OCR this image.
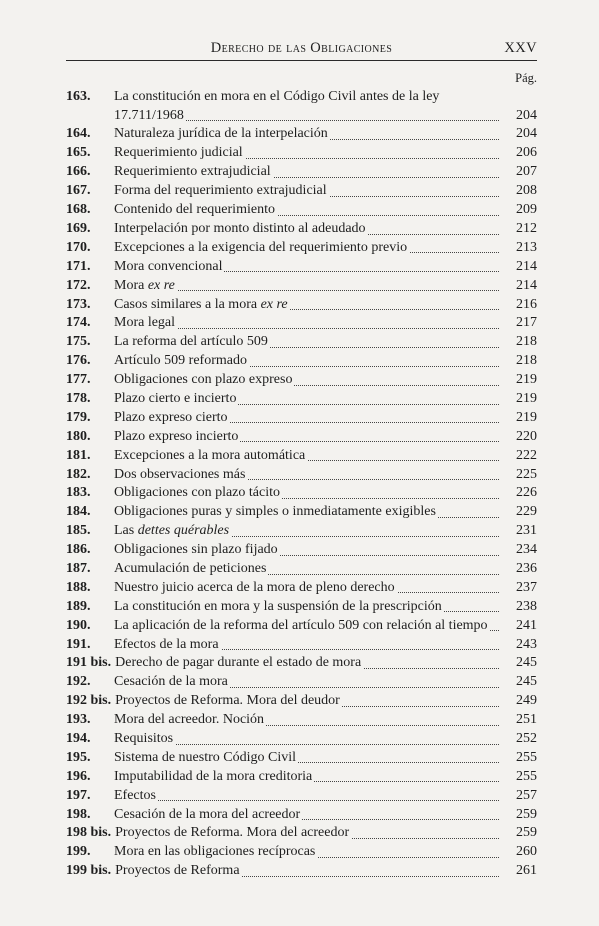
Derecho de las Obligaciones	XXV
Pág.
163. La constitución en mora en el Código Civil antes de la ley 17.711/1968	204
164. Naturaleza jurídica de la interpelación	204
165. Requerimiento judicial	206
166. Requerimiento extrajudicial	207
167. Forma del requerimiento extrajudicial	208
168. Contenido del requerimiento	209
169. Interpelación por monto distinto al adeudado	212
170. Excepciones a la exigencia del requerimiento previo	213
171. Mora convencional	214
172. Mora ex re	214
173. Casos similares a la mora ex re	216
174. Mora legal	217
175. La reforma del artículo 509	218
176. Artículo 509 reformado	218
177. Obligaciones con plazo expreso	219
178. Plazo cierto e incierto	219
179. Plazo expreso cierto	219
180. Plazo expreso incierto	220
181. Excepciones a la mora automática	222
182. Dos observaciones más	225
183. Obligaciones con plazo tácito	226
184. Obligaciones puras y simples o inmediatamente exigibles	229
185. Las dettes quérables	231
186. Obligaciones sin plazo fijado	234
187. Acumulación de peticiones	236
188. Nuestro juicio acerca de la mora de pleno derecho	237
189. La constitución en mora y la suspensión de la prescripción	238
190. La aplicación de la reforma del artículo 509 con relación al tiempo	241
191. Efectos de la mora	243
191 bis. Derecho de pagar durante el estado de mora	245
192. Cesación de la mora	245
192 bis. Proyectos de Reforma. Mora del deudor	249
193. Mora del acreedor. Noción	251
194. Requisitos	252
195. Sistema de nuestro Código Civil	255
196. Imputabilidad de la mora creditoria	255
197. Efectos	257
198. Cesación de la mora del acreedor	259
198 bis. Proyectos de Reforma. Mora del acreedor	259
199. Mora en las obligaciones recíprocas	260
199 bis. Proyectos de Reforma	261
